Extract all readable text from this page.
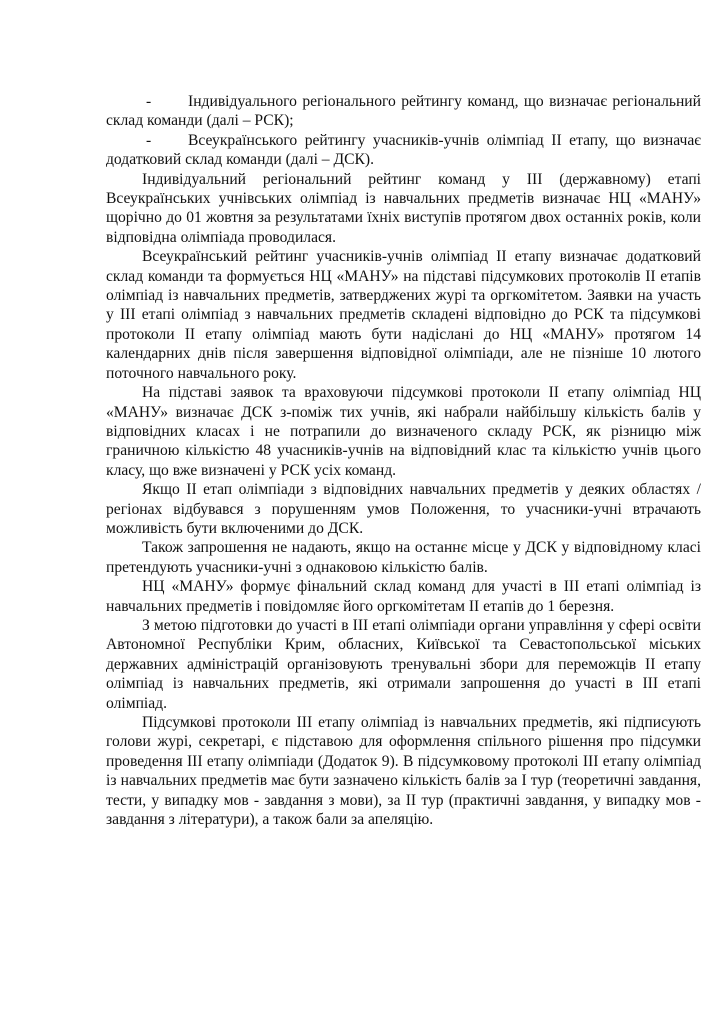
- Індивідуального регіонального рейтингу команд, що визначає регіональний склад команди (далі – РСК);

- Всеукраїнського рейтингу учасників-учнів олімпіад ІІ етапу, що визначає додатковий склад команди (далі – ДСК).

Індивідуальний регіональний рейтинг команд у ІІІ (державному) етапі Всеукраїнських учнівських олімпіад із навчальних предметів визначає НЦ «МАНУ» щорічно до 01 жовтня за результатами їхніх виступів протягом двох останніх років, коли відповідна олімпіада проводилася.

Всеукраїнський рейтинг учасників-учнів олімпіад ІІ етапу визначає додатковий склад команди та формується НЦ «МАНУ» на підставі підсумкових протоколів ІІ етапів олімпіад із навчальних предметів, затверджених журі та оргкомітетом. Заявки на участь у ІІІ етапі олімпіад з навчальних предметів складені відповідно до РСК та підсумкові протоколи ІІ етапу олімпіад мають бути надіслані до НЦ «МАНУ» протягом 14 календарних днів після завершення відповідної олімпіади, але не пізніше 10 лютого поточного навчального року.

На підставі заявок та враховуючи підсумкові протоколи ІІ етапу олімпіад НЦ «МАНУ» визначає ДСК з-поміж тих учнів, які набрали найбільшу кількість балів у відповідних класах і не потрапили до визначеного складу РСК, як різницю між граничною кількістю 48 учасників-учнів на відповідний клас та кількістю учнів цього класу, що вже визначені у РСК усіх команд.

Якщо ІІ етап олімпіади з відповідних навчальних предметів у деяких областях / регіонах відбувався з порушенням умов Положення, то учасники-учні втрачають можливість бути включеними до ДСК.

Також запрошення не надають, якщо на останнє місце у ДСК у відповідному класі претендують учасники-учні з однаковою кількістю балів.

НЦ «МАНУ» формує фінальний склад команд для участі в ІІІ етапі олімпіад із навчальних предметів і повідомляє його оргкомітетам ІІ етапів до 1 березня.

З метою підготовки до участі в ІІІ етапі олімпіади органи управління у сфері освіти Автономної Республіки Крим, обласних, Київської та Севастопольської міських державних адміністрацій організовують тренувальні збори для переможців ІІ етапу олімпіад із навчальних предметів, які отримали запрошення до участі в ІІІ етапі олімпіад.

Підсумкові протоколи ІІІ етапу олімпіад із навчальних предметів, які підписують голови журі, секретарі, є підставою для оформлення спільного рішення про підсумки проведення ІІІ етапу олімпіади (Додаток 9). В підсумковому протоколі ІІІ етапу олімпіад із навчальних предметів має бути зазначено кількість балів за І тур (теоретичні завдання, тести, у випадку мов - завдання з мови), за ІІ тур (практичні завдання, у випадку мов - завдання з літератури), а також бали за апеляцію.
